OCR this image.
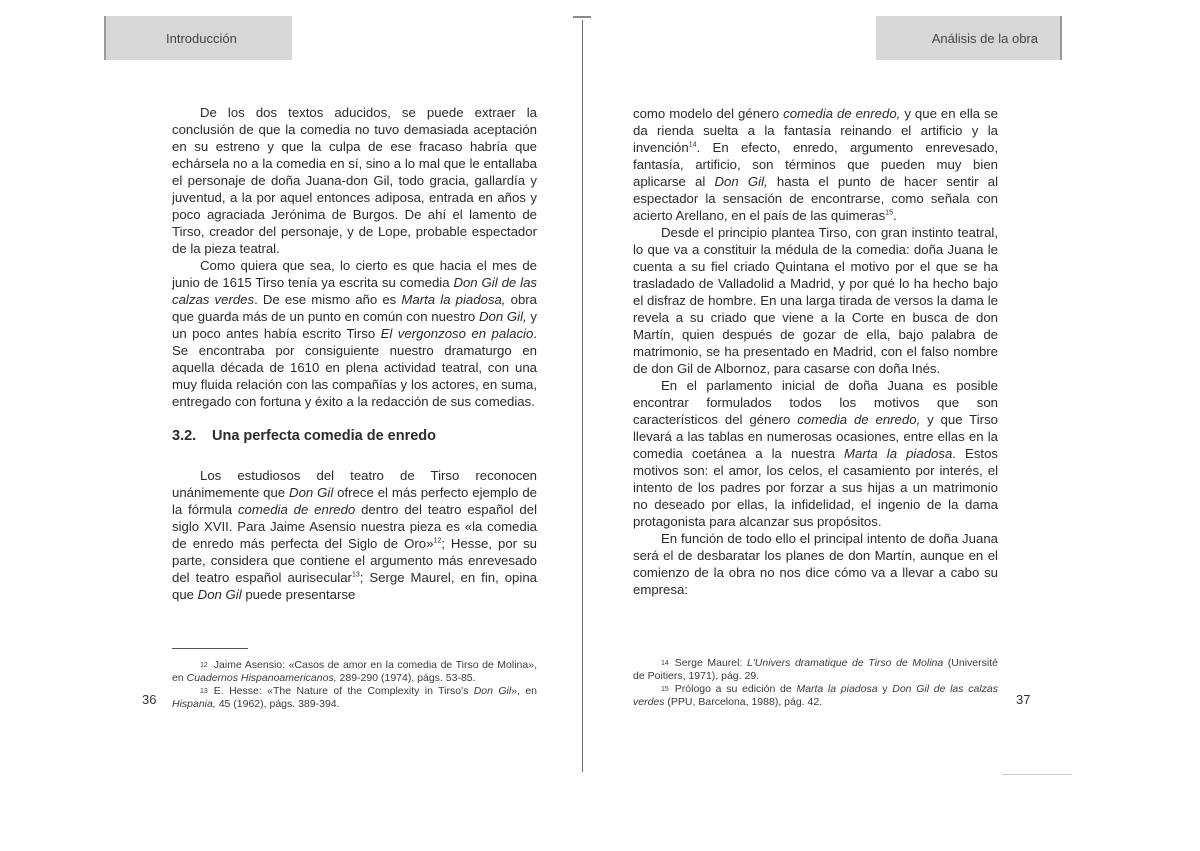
Introducción	Análisis de la obra

De los dos textos aducidos, se puede extraer la conclusión de que la comedia no tuvo demasiada aceptación en su estreno y que la culpa de ese fracaso habría que echársela no a la comedia en sí, sino a lo mal que le entallaba el personaje de doña Juana-don Gil, todo gracia, gallardía y juventud, a la por aquel entonces adiposa, entrada en años y poco agraciada Jerónima de Burgos. De ahí el lamento de Tirso, creador del personaje, y de Lope, probable espectador de la pieza teatral.

Como quiera que sea, lo cierto es que hacia el mes de junio de 1615 Tirso tenía ya escrita su comedia Don Gil de las calzas verdes. De ese mismo año es Marta la piadosa, obra que guarda más de un punto en común con nuestro Don Gil, y un poco antes había escrito Tirso El vergonzoso en palacio. Se encontraba por consiguiente nuestro dramaturgo en aquella década de 1610 en plena actividad teatral, con una muy fluida relación con las compañías y los actores, en suma, entregado con fortuna y éxito a la redacción de sus comedias.

3.2. Una perfecta comedia de enredo

Los estudiosos del teatro de Tirso reconocen unánimemente que Don Gil ofrece el más perfecto ejemplo de la fórmula comedia de enredo dentro del teatro español del siglo XVII. Para Jaime Asensio nuestra pieza es «la comedia de enredo más perfecta del Siglo de Oro»$^{12}$; Hesse, por su parte, considera que contiene el argumento más enrevesado del teatro español aurisecular$^{13}$; Serge Maurel, en fin, opina que Don Gil puede presentarse

$^{12}$ Jaime Asensio: «Casos de amor en la comedia de Tirso de Molina», en Cuadernos Hispanoamericanos, 289-290 (1974), págs. 53-85.

$^{13}$ E. Hesse: «The Nature of the Complexity in Tirso's Don Gil», en Hispania, 45 (1962), págs. 389-394.

36

como modelo del género comedia de enredo, y que en ella se da rienda suelta a la fantasía reinando el artificio y la invención$^{14}$. En efecto, enredo, argumento enrevesado, fantasía, artificio, son términos que pueden muy bien aplicarse al Don Gil, hasta el punto de hacer sentir al espectador la sensación de encontrarse, como señala con acierto Arellano, en el país de las quimeras$^{15}$.

Desde el principio plantea Tirso, con gran instinto teatral, lo que va a constituir la médula de la comedia: doña Juana le cuenta a su fiel criado Quintana el motivo por el que se ha trasladado de Valladolid a Madrid, y por qué lo ha hecho bajo el disfraz de hombre. En una larga tirada de versos la dama le revela a su criado que viene a la Corte en busca de don Martín, quien después de gozar de ella, bajo palabra de matrimonio, se ha presentado en Madrid, con el falso nombre de don Gil de Albornoz, para casarse con doña Inés.

En el parlamento inicial de doña Juana es posible encontrar formulados todos los motivos que son característicos del género comedia de enredo, y que Tirso llevará a las tablas en numerosas ocasiones, entre ellas en la comedia coetánea a la nuestra Marta la piadosa. Estos motivos son: el amor, los celos, el casamiento por interés, el intento de los padres por forzar a sus hijas a un matrimonio no deseado por ellas, la infidelidad, el ingenio de la dama protagonista para alcanzar sus propósitos.

En función de todo ello el principal intento de doña Juana será el de desbaratar los planes de don Martín, aunque en el comienzo de la obra no nos dice cómo va a llevar a cabo su empresa:

$^{14}$ Serge Maurel: L'Univers dramatique de Tirso de Molina (Université de Poitiers, 1971), pág. 29.

$^{15}$ Prólogo a su edición de Marta la piadosa y Don Gil de las calzas verdes (PPU, Barcelona, 1988), pág. 42.	37
